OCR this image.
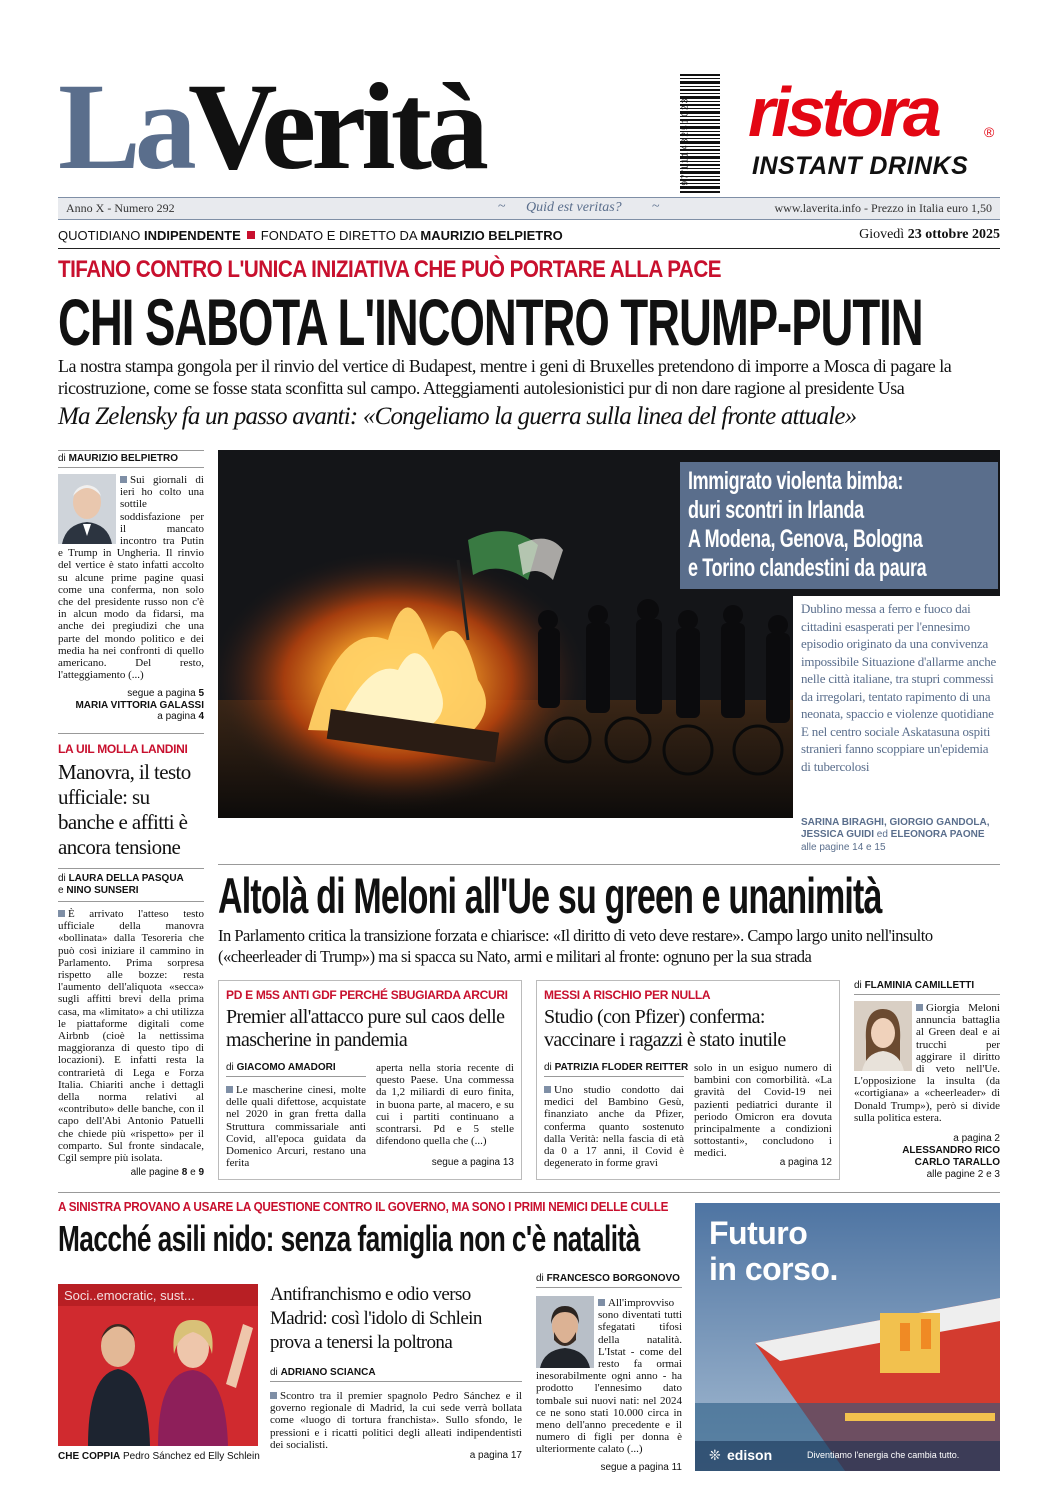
La
Verità	9 771 1 1 4 3 2 5 1 0 2 3 ristora	®
INSTANT DRINKS
Anno X - Numero 292	~ Quid est veritas? ~	www.laverita.info - Prezzo in Italia euro 1,50
QUOTIDIANO INDIPENDENTE FONDATO E DIRETTO DA MAURIZIO BELPIETRO	Giovedì 23 ottobre 2025
TIFANO CONTRO L'UNICA INIZIATIVA CHE PUÒ PORTARE ALLA PACE
CHI SABOTA L'INCONTRO TRUMP-PUTIN
La nostra stampa gongola per il rinvio del vertice di Budapest, mentre i geni di Bruxelles pretendono di imporre a Mosca di pagare la ricostruzione, come se fosse stata sconfitta sul campo. Atteggiamenti autolesionistici pur di non dare ragione al presidente Usa
Ma Zelensky fa un passo avanti: «Congeliamo la guerra sulla linea del fronte attuale»
di MAURIZIO BELPIETRO
Sui giornali di ieri ho colto una sottile soddisfazione per il mancato incontro tra Putin e Trump in Ungheria. Il rinvio del vertice è stato infatti accolto su alcune prime pagine quasi come una conferma, non solo che del presidente russo non c'è in alcun modo da fidarsi, ma anche dei pregiudizi che una parte del mondo politico e dei media ha nei confronti di quello americano. Del resto, l'atteggiamento (...)
segue a pagina 5
MARIA VITTORIA GALASSI
a pagina 4
LA UIL MOLLA LANDINI
Manovra, il testo ufficiale: su banche e affitti è ancora tensione
di LAURA DELLA PASQUA
e NINO SUNSERI
È arrivato l'atteso testo ufficiale della manovra «bollinata» dalla Tesoreria che può così iniziare il cammino in Parlamento. Prima sorpresa rispetto alle bozze: resta l'aumento dell'aliquota «secca» sugli affitti brevi della prima casa, ma «limitato» a chi utilizza le piattaforme digitali come Airbnb (cioè la nettissima maggioranza di questo tipo di locazioni). E infatti resta la contrarietà di Lega e Forza Italia. Chiariti anche i dettagli della norma relativi al «contributo» delle banche, con il capo dell'Abi Antonio Patuelli che chiede più «rispetto» per il comparto. Sul fronte sindacale, Cgil sempre più isolata.
alle pagine 8 e 9
Immigrato violenta bimba:
duri scontri in Irlanda
A Modena, Genova, Bologna
e Torino clandestini da paura
Dublino messa a ferro e fuoco dai cittadini esasperati per l'ennesimo episodio originato da una convivenza impossibile Situazione d'allarme anche nelle città italiane, tra stupri commessi da irregolari, tentato rapimento di una neonata, spaccio e violenze quotidiane E nel centro sociale Askatasuna ospiti stranieri fanno scoppiare un'epidemia di tubercolosi
SARINA BIRAGHI, GIORGIO GANDOLA,
JESSICA GUIDI ed ELEONORA PAONE
alle pagine 14 e 15
Altolà di Meloni all'Ue su green e unanimità
In Parlamento critica la transizione forzata e chiarisce: «Il diritto di veto deve restare». Campo largo unito nell'insulto («cheerleader di Trump») ma si spacca su Nato, armi e militari al fronte: ognuno per la sua strada
PD E M5S ANTI GDF PERCHÉ SBUGIARDA ARCURI
Premier all'attacco pure sul caos delle mascherine in pandemia
di GIACOMO AMADORI
Le mascherine cinesi, molte delle quali difettose, acquistate nel 2020 in gran fretta dalla Struttura commissariale anti Covid, all'epoca guidata da Domenico Arcuri, restano una ferita
aperta nella storia recente di questo Paese. Una commessa da 1,2 miliardi di euro finita, in buona parte, al macero, e su cui i partiti continuano a scontrarsi. Pd e 5 stelle difendono quella che (...)
segue a pagina 13
MESSI A RISCHIO PER NULLA
Studio (con Pfizer) conferma: vaccinare i ragazzi è stato inutile
di PATRIZIA FLODER REITTER
Uno studio condotto dai medici del Bambino Gesù, finanziato anche da Pfizer, conferma quanto sostenuto dalla Verità: nella fascia di età da 0 a 17 anni, il Covid è degenerato in forme gravi
solo in un esiguo numero di bambini con comorbilità. «La gravità del Covid-19 nei pazienti pediatrici durante il periodo Omicron era dovuta principalmente a condizioni sottostanti», concludono i medici.
a pagina 12
di FLAMINIA CAMILLETTI
Giorgia Meloni annuncia battaglia al Green deal e ai trucchi per aggirare il diritto di veto nell'Ue. L'opposizione la insulta (da «cortigiana» a «cheerleader» di Donald Trump»), però si divide sulla politica estera.
a pagina 2
ALESSANDRO RICO
CARLO TARALLO
alle pagine 2 e 3
A SINISTRA PROVANO A USARE LA QUESTIONE CONTRO IL GOVERNO, MA SONO I PRIMI NEMICI DELLE CULLE
Macché asili nido: senza famiglia non c'è natalità
Soci..emocratic, sust...
CHE COPPIA Pedro Sánchez ed Elly Schlein
Antifranchismo e odio verso Madrid: così l'idolo di Schlein prova a tenersi la poltrona
di ADRIANO SCIANCA
Scontro tra il premier spagnolo Pedro Sánchez e il governo regionale di Madrid, la cui sede verrà bollata come «luogo di tortura franchista». Sullo sfondo, le pressioni e i ricatti politici degli alleati indipendentisti dei socialisti.
a pagina 17
di FRANCESCO BORGONOVO
All'improvviso sono diventati tutti sfegatati tifosi della natalità. L'Istat - come del resto fa ormai inesorabilmente ogni anno - ha prodotto l'ennesimo dato tombale sui nuovi nati: nel 2024 ce ne sono stati 10.000 circa in meno dell'anno precedente e il numero di figli per donna è ulteriormente calato (...)
segue a pagina 11
Futuro
in corso.
❊ edison	Diventiamo l'energia che cambia tutto.
